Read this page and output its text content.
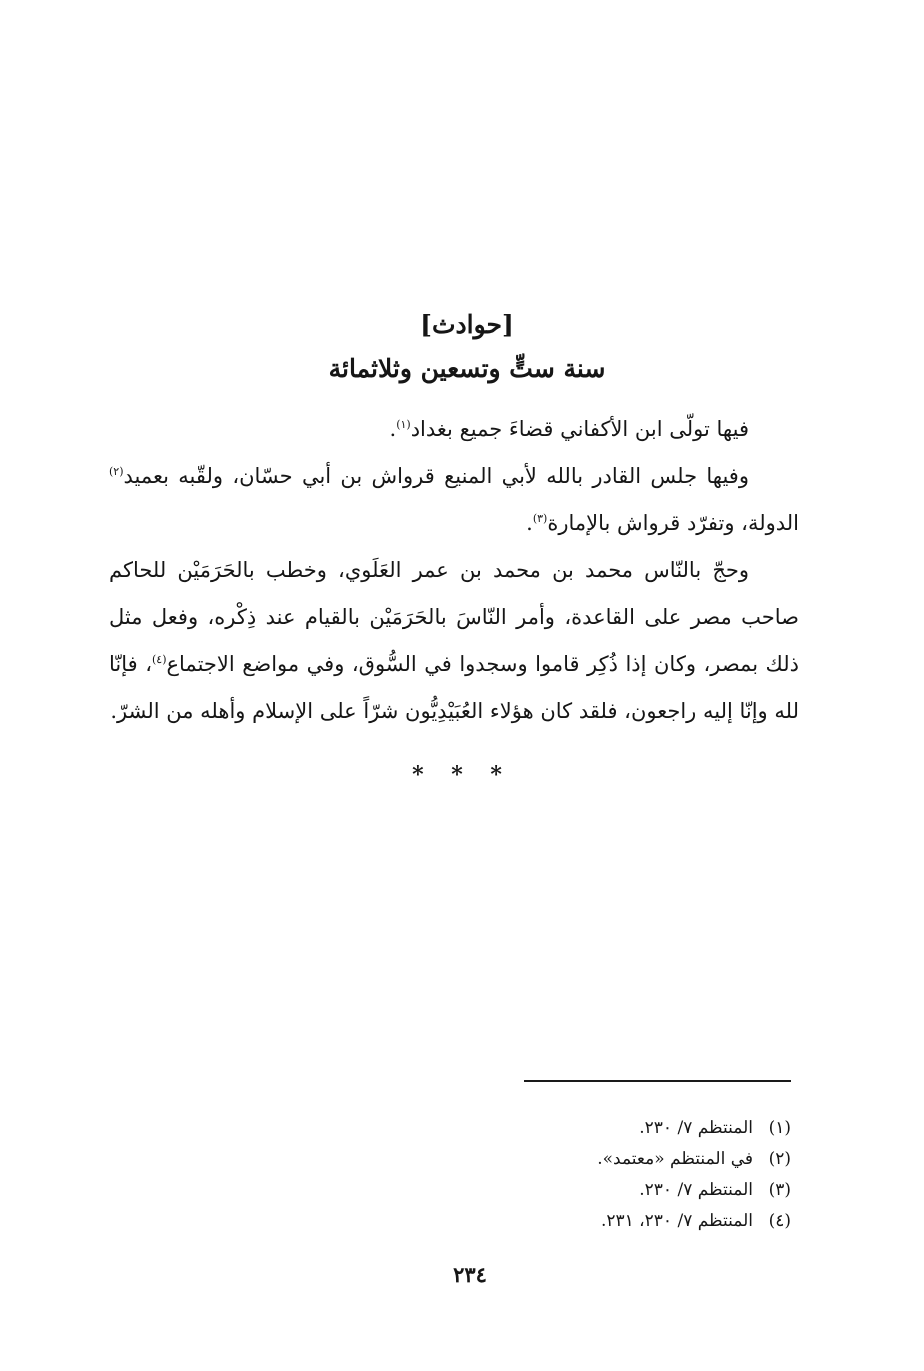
[حوادث]
سنة ستٍّ وتسعين وثلاثمائة

فيها تولّى ابن الأكفاني قضاءَ جميع بغداد$^{(١)}$.

وفيها جلس القادر بالله لأبي المنيع قرواش بن أبي حسّان، ولقّبه بعميد$^{(٢)}$ الدولة، وتفرّد قرواش بالإمارة$^{(٣)}$.

وحجّ بالنّاس محمد بن محمد بن عمر العَلَوي، وخطب بالحَرَمَيْن للحاكم صاحب مصر على القاعدة، وأمر النّاسَ بالحَرَمَيْن بالقيام عند ذِكْره، وفعل مثل ذلك بمصر، وكان إذا ذُكِر قاموا وسجدوا في السُّوق، وفي مواضع الاجتماع$^{(٤)}$، فإنّا لله وإنّا إليه راجعون، فلقد كان هؤلاء العُبَيْدِيُّون شرّاً على الإسلام وأهله من الشرّ.

* * *
(١)المنتظم ٧/ ٢٣٠.
(٢)في المنتظم «معتمد».
(٣)المنتظم ٧/ ٢٣٠.
(٤)المنتظم ٧/ ٢٣٠، ٢٣١.
٢٣٤
